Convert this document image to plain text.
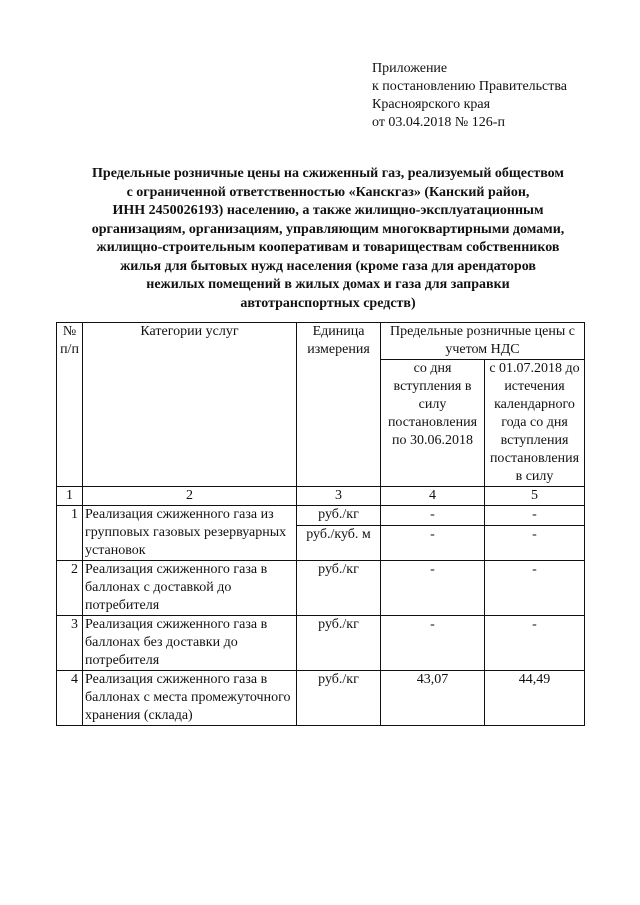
Приложение
к постановлению Правительства
Красноярского края
от 03.04.2018 № 126-п
Предельные розничные цены на сжиженный газ, реализуемый обществом
с ограниченной ответственностью «Канскгаз» (Канский район,
ИНН 2450026193) населению, а также жилищно-эксплуатационным
организациям, организациям, управляющим многоквартирными домами,
жилищно-строительным кооперативам и товариществам собственников
жилья для бытовых нужд населения (кроме газа для арендаторов
нежилых помещений в жилых домах и газа для заправки
автотранспортных средств)
№ п/п	Категории услуг	Единица измерения	Предельные розничные цены с учетом НДС	
			со дня вступления в силу постановления по 30.06.2018	с 01.07.2018 до истечения календарного года со дня вступления постановления в силу
1	2	3	4	5
1	Реализация сжиженного газа из групповых газовых резервуарных установок	руб./кг	-	-
		руб./куб. м	-	-
2	Реализация сжиженного газа в баллонах с доставкой до потребителя	руб./кг	-	-
3	Реализация сжиженного газа в баллонах без доставки до потребителя	руб./кг	-	-
4	Реализация сжиженного газа в баллонах с места промежуточного хранения (склада)	руб./кг	43,07	44,49
